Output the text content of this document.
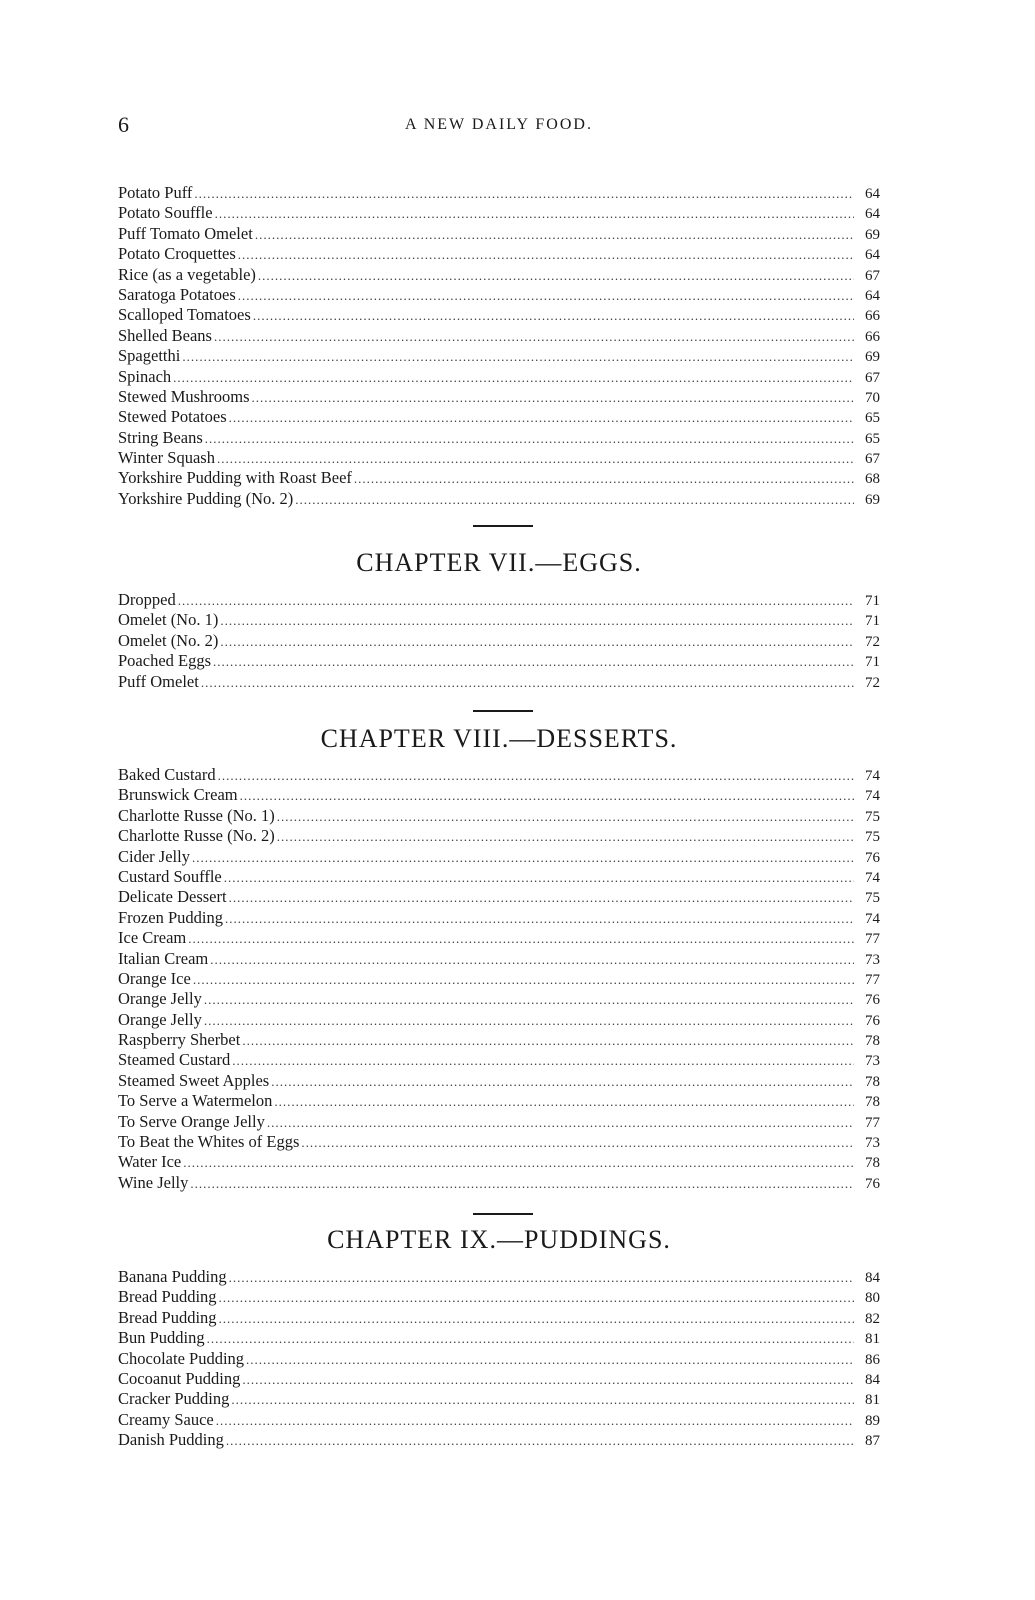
6	A NEW DAILY FOOD.
Potato Puff .....	64
Potato Souffle .....	64
Puff Tomato Omelet .....	69
Potato Croquettes .....	64
Rice (as a vegetable) .....	67
Saratoga Potatoes .....	64
Scalloped Tomatoes .....	66
Shelled Beans .....	66
Spagetthi .....	69
Spinach .....	67
Stewed Mushrooms .....	70
Stewed Potatoes .....	65
String Beans .....	65
Winter Squash .....	67
Yorkshire Pudding with Roast Beef .....	68
Yorkshire Pudding (No. 2) .....	69
CHAPTER VII.—EGGS.
Dropped .....	71
Omelet (No. 1) .....	71
Omelet (No. 2) .....	72
Poached Eggs .....	71
Puff Omelet .....	72
CHAPTER VIII.—DESSERTS.
Baked Custard .....	74
Brunswick Cream .....	74
Charlotte Russe (No. 1) .....	75
Charlotte Russe (No. 2) .....	75
Cider Jelly .....	76
Custard Souffle .....	74
Delicate Dessert .....	75
Frozen Pudding .....	74
Ice Cream .....	77
Italian Cream .....	73
Orange Ice .....	77
Orange Jelly .....	76
Orange Jelly .....	76
Raspberry Sherbet .....	78
Steamed Custard .....	73
Steamed Sweet Apples .....	78
To Serve a Watermelon .....	78
To Serve Orange Jelly .....	77
To Beat the Whites of Eggs .....	73
Water Ice .....	78
Wine Jelly .....	76
CHAPTER IX.—PUDDINGS.
Banana Pudding .....	84
Bread Pudding .....	80
Bread Pudding .....	82
Bun Pudding .....	81
Chocolate Pudding .....	86
Cocoanut Pudding .....	84
Cracker Pudding .....	81
Creamy Sauce .....	89
Danish Pudding .....	87
